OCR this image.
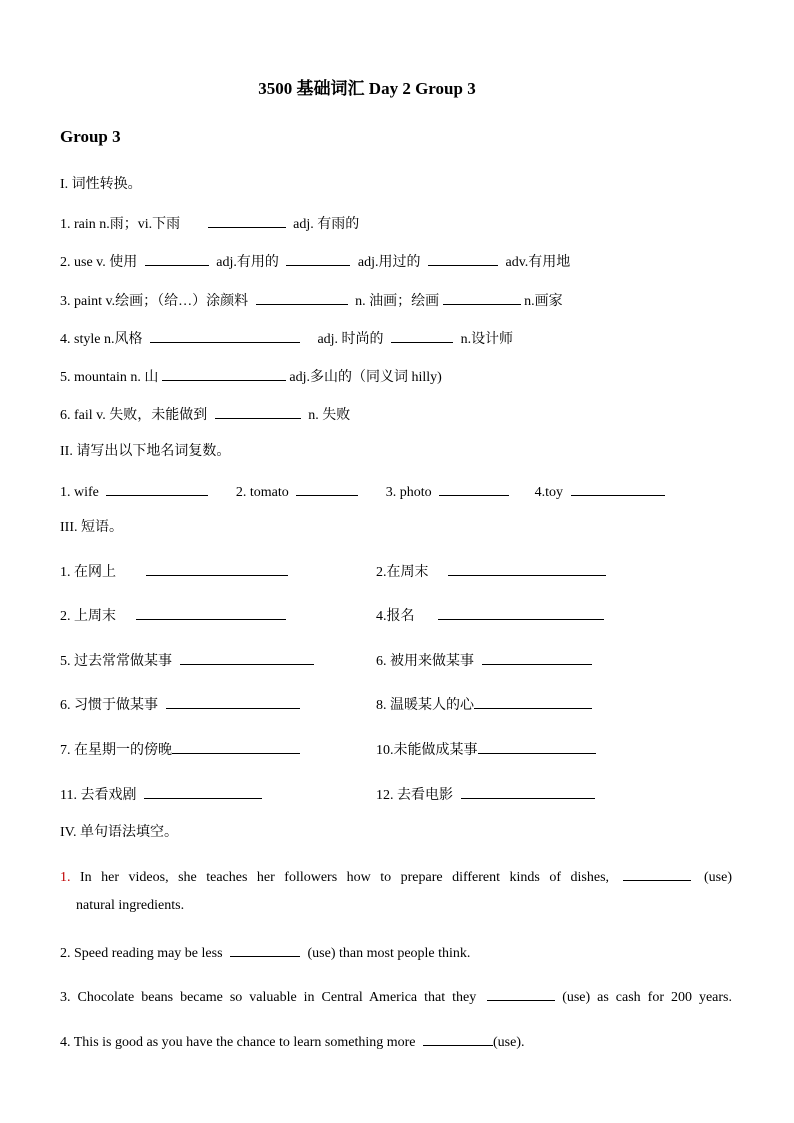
3500 基础词汇 Day 2 Group 3
Group 3
I. 词性转换。
1. rain n.雨；vi.下雨	adj. 有雨的
2. use v. 使用	adj.有用的	adj.用过的	adv.有用地
3. paint v.绘画；（给…）涂颜料	n. 油画；绘画	n.画家
4. style n.风格	adj. 时尚的	n.设计师
5. mountain n. 山	adj.多山的（同义词 hilly)
6. fail v. 失败，未能做到	n. 失败
II. 请写出以下地名词复数。
1. wife	2. tomato	3. photo	4.toy
III. 短语。
1. 在网上	2.在周末
2. 上周末	4.报名
5. 过去常常做某事	6. 被用来做某事
6. 习惯于做某事	8. 温暖某人的心
7. 在星期一的傍晚	10.未能做成某事
11. 去看戏剧	12. 去看电影
IV. 单句语法填空。
1. In her videos, she teaches her followers how to prepare different kinds of dishes,	(use)
natural ingredients.
2. Speed reading may be less	(use) than most people think.
3. Chocolate beans became so valuable in Central America that they	(use) as cash for 200 years.
4. This is good as you have the chance to learn something more	(use).
